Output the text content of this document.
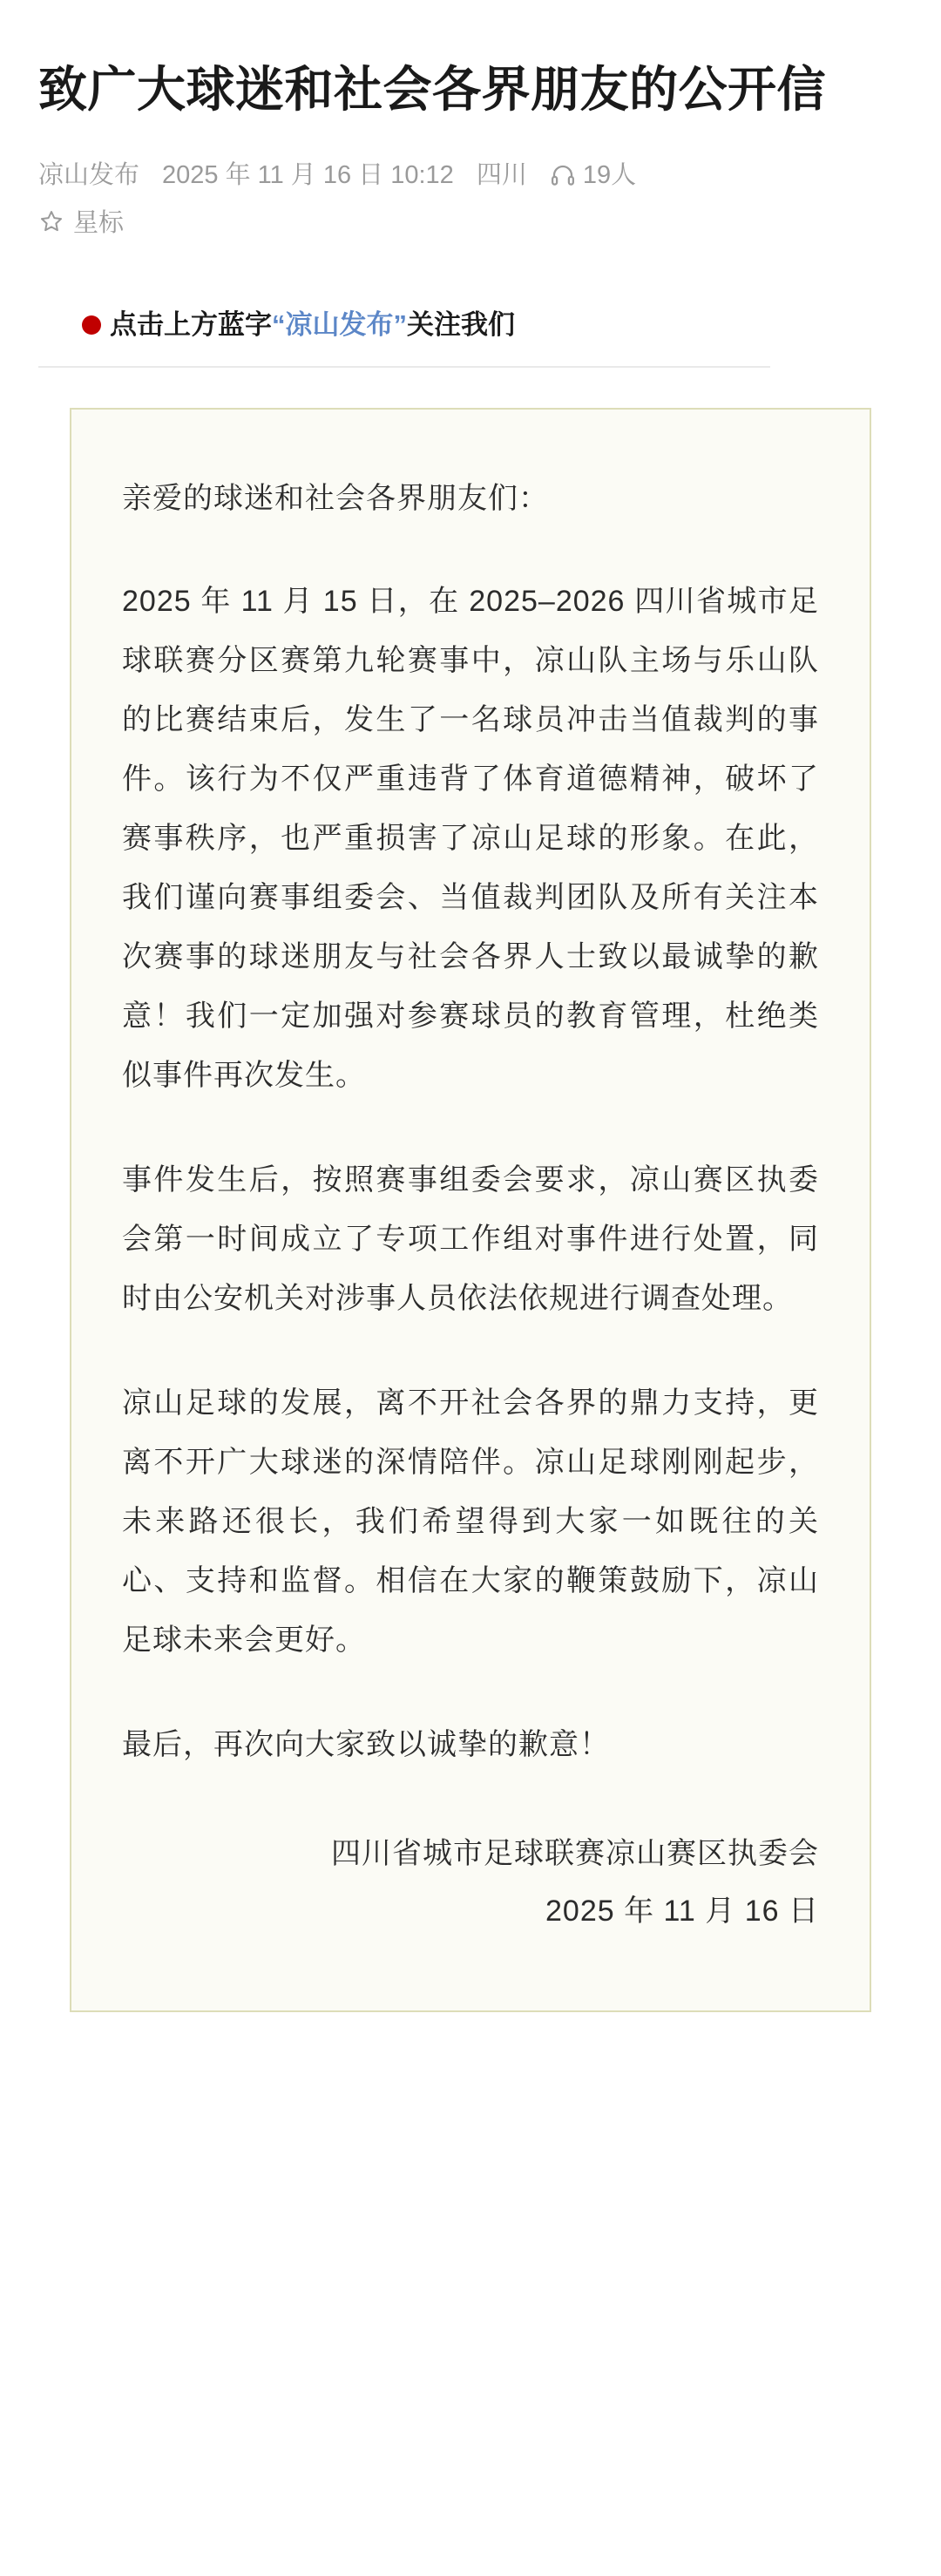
致广大球迷和社会各界朋友的公开信
凉山发布 2025 年 11 月 16 日 10:12 四川 19人
星标
点击上方蓝字 “凉山发布” 关注我们

亲爱的球迷和社会各界朋友们：

2025 年 11 月 15 日，在 2025–2026 四川省城市足球联赛分区赛第九轮赛事中，凉山队主场与乐山队的比赛结束后，发生了一名球员冲击当值裁判的事件。该行为不仅严重违背了体育道德精神，破坏了赛事秩序，也严重损害了凉山足球的形象。在此，我们谨向赛事组委会、当值裁判团队及所有关注本次赛事的球迷朋友与社会各界人士致以最诚挚的歉意！我们一定加强对参赛球员的教育管理，杜绝类似事件再次发生。

事件发生后，按照赛事组委会要求，凉山赛区执委会第一时间成立了专项工作组对事件进行处置，同时由公安机关对涉事人员依法依规进行调查处理。

凉山足球的发展，离不开社会各界的鼎力支持，更离不开广大球迷的深情陪伴。凉山足球刚刚起步，未来路还很长，我们希望得到大家一如既往的关心、支持和监督。相信在大家的鞭策鼓励下，凉山足球未来会更好。

最后，再次向大家致以诚挚的歉意！

四川省城市足球联赛凉山赛区执委会
2025 年 11 月 16 日
